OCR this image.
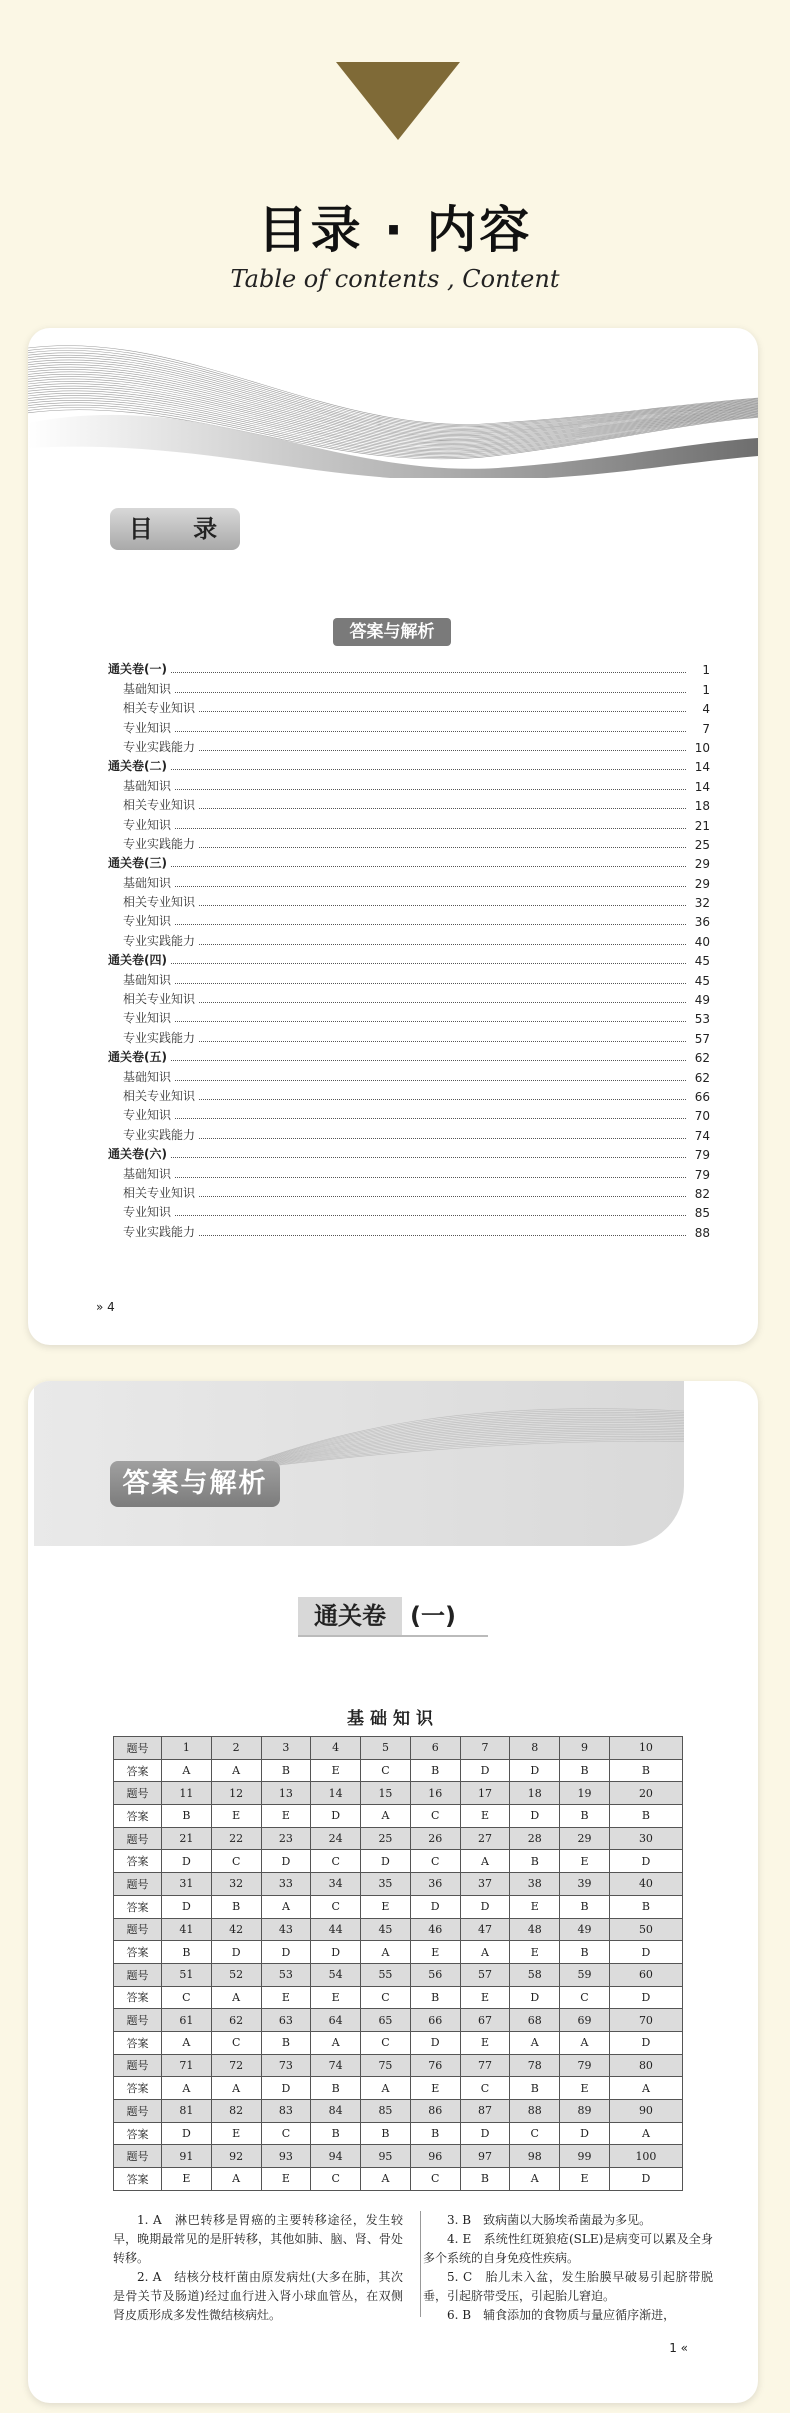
目录 · 内容
Table of contents , Content
目 录
答案与解析
通关卷(一)	1
基础知识	1
相关专业知识	4
专业知识	7
专业实践能力	10
通关卷(二)	14
基础知识	14
相关专业知识	18
专业知识	21
专业实践能力	25
通关卷(三)	29
基础知识	29
相关专业知识	32
专业知识	36
专业实践能力	40
通关卷(四)	45
基础知识	45
相关专业知识	49
专业知识	53
专业实践能力	57
通关卷(五)	62
基础知识	62
相关专业知识	66
专业知识	70
专业实践能力	74
通关卷(六)	79
基础知识	79
相关专业知识	82
专业知识	85
专业实践能力	88
» 4
答案与解析
通关卷	(一)
基础知识
题号	1	2	3	4	5	6	7	8	9	10
答案	A	A	B	E	C	B	D	D	B	B
题号	11	12	13	14	15	16	17	18	19	20
答案	B	E	E	D	A	C	E	D	B	B
题号	21	22	23	24	25	26	27	28	29	30
答案	D	C	D	C	D	C	A	B	E	D
题号	31	32	33	34	35	36	37	38	39	40
答案	D	B	A	C	E	D	D	E	B	B
题号	41	42	43	44	45	46	47	48	49	50
答案	B	D	D	D	A	E	A	E	B	D
题号	51	52	53	54	55	56	57	58	59	60
答案	C	A	E	E	C	B	E	D	C	D
题号	61	62	63	64	65	66	67	68	69	70
答案	A	C	B	A	C	D	E	A	A	D
题号	71	72	73	74	75	76	77	78	79	80
答案	A	A	D	B	A	E	C	B	E	A
题号	81	82	83	84	85	86	87	88	89	90
答案	D	E	C	B	B	B	D	C	D	A
题号	91	92	93	94	95	96	97	98	99	100
答案	E	A	E	C	A	C	B	A	E	D

1. A　淋巴转移是胃癌的主要转移途径，发生较早，晚期最常见的是肝转移，其他如肺、脑、肾、骨处转移。

2. A　结核分枝杆菌由原发病灶(大多在肺，其次是骨关节及肠道)经过血行进入肾小球血管丛，在双侧肾皮质形成多发性微结核病灶。

3. B　致病菌以大肠埃希菌最为多见。

4. E　系统性红斑狼疮(SLE)是病变可以累及全身多个系统的自身免疫性疾病。

5. C　胎儿未入盆，发生胎膜早破易引起脐带脱垂，引起脐带受压，引起胎儿窘迫。

6. B　辅食添加的食物质与量应循序渐进，

1 «
